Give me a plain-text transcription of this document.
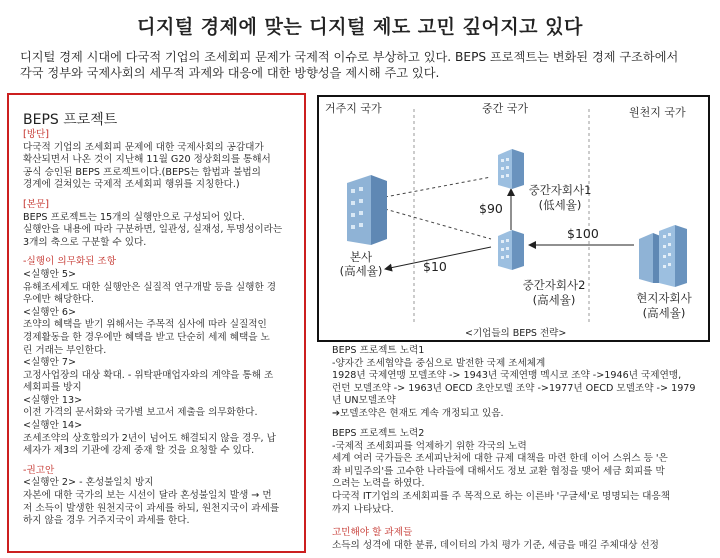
디지털 경제에 맞는 디지털 제도 고민 깊어지고 있다
디지털 경제 시대에 다국적 기업의 조세회피 문제가 국제적 이슈로 부상하고 있다. BEPS 프로젝트는 변화된 경제 구조하에서
각국 정부와 국제사회의 세무적 과제와 대응에 대한 방향성을 제시해 주고 있다.
BEPS 프로젝트
[방단]
다국적 기업의 조세회피 문제에 대한 국제사회의 공감대가
확산되면서 나온 것이 지난해 11월 G20 정상회의를 통해서
공식 승인된 BEPS 프로젝트이다.(BEPS는 합법과 불법의
경계에 걸쳐있는 국제적 조세회피 행위를 지칭한다.)
[본문]
BEPS 프로젝트는 15개의 실행안으로 구성되어 있다.
실행안을 내용에 따라 구분하면, 일관성, 실재성, 투명성이라는
3개의 축으로 구분할 수 있다.
-실행이 의무화된 조항
<실행안 5>
유해조세제도 대한 실행안은 실질적 연구개발 등을 실행한 경
우에만 해당한다.
<실행안 6>
조약의 혜택을 받기 위해서는 주목적 심사에 따라 실질적인
경제활동을 한 경우에만 혜택을 받고 단순히 세제 혜택을 노
린 거래는 부인한다.
<실행안 7>
고정사업장의 대상 확대. - 위탁판매업자와의 계약을 통해 조
세회피를 방지
<실행안 13>
이전 가격의 문서화와 국가별 보고서 제출을 의무화한다.
<실행안 14>
조세조약의 상호합의가 2년이 넘어도 해결되지 않을 경우, 납
세자가 제3의 기관에 강제 중재 할 것을 요청할 수 있다.
-권고안
<실행안 2> - 혼성불일치 방지
자본에 대한 국가의 보는 시선이 달라 혼성불일치 발생 → 먼
저 소득이 발생한 원천지국이 과세를 하되, 원천지국이 과세를
하지 않을 경우 거주지국이 과세를 한다.
거주지 국가	중간 국가	원천지 국가
본사
(高세율)
중간자회사1
(低세율)
중간자회사2
(高세율)	현지자회사
(高세율)
$90
$100
$10
<기업들의 BEPS 전략>
BEPS 프로젝트 노력1
-양자간 조세협약을 중심으로 발전한 국제 조세체계
1928년 국제연맹 모델조약 -> 1943년 국제연맹 멕시코 조약 ->1946년 국제연맹,
런던 모델조약 -> 1963년 OECD 초안모델 조약 ->1977년 OECD 모델조약 -> 1979
년 UN모델조약
➔모델조약은 현재도 계속 개정되고 있음.
BEPS 프로젝트 노력2
-국제적 조세회피를 억제하기 위한 각국의 노력
세계 여러 국가들은 조세피난처에 대한 규제 대책을 마련 한데 이어 스위스 등 '은
좌 비밀주의'를 고수한 나라들에 대해서도 정보 교환 협정을 맺어 세금 회피를 막
으려는 노력을 하였다.
다국적 IT기업의 조세회피를 주 목적으로 하는 이른바 '구글세'로 명명되는 대응책
까지 나타났다.
고민해야 할 과제들
소득의 성격에 대한 분류, 데이터의 가치 평가 기준, 세금을 매길 주체대상 선정
